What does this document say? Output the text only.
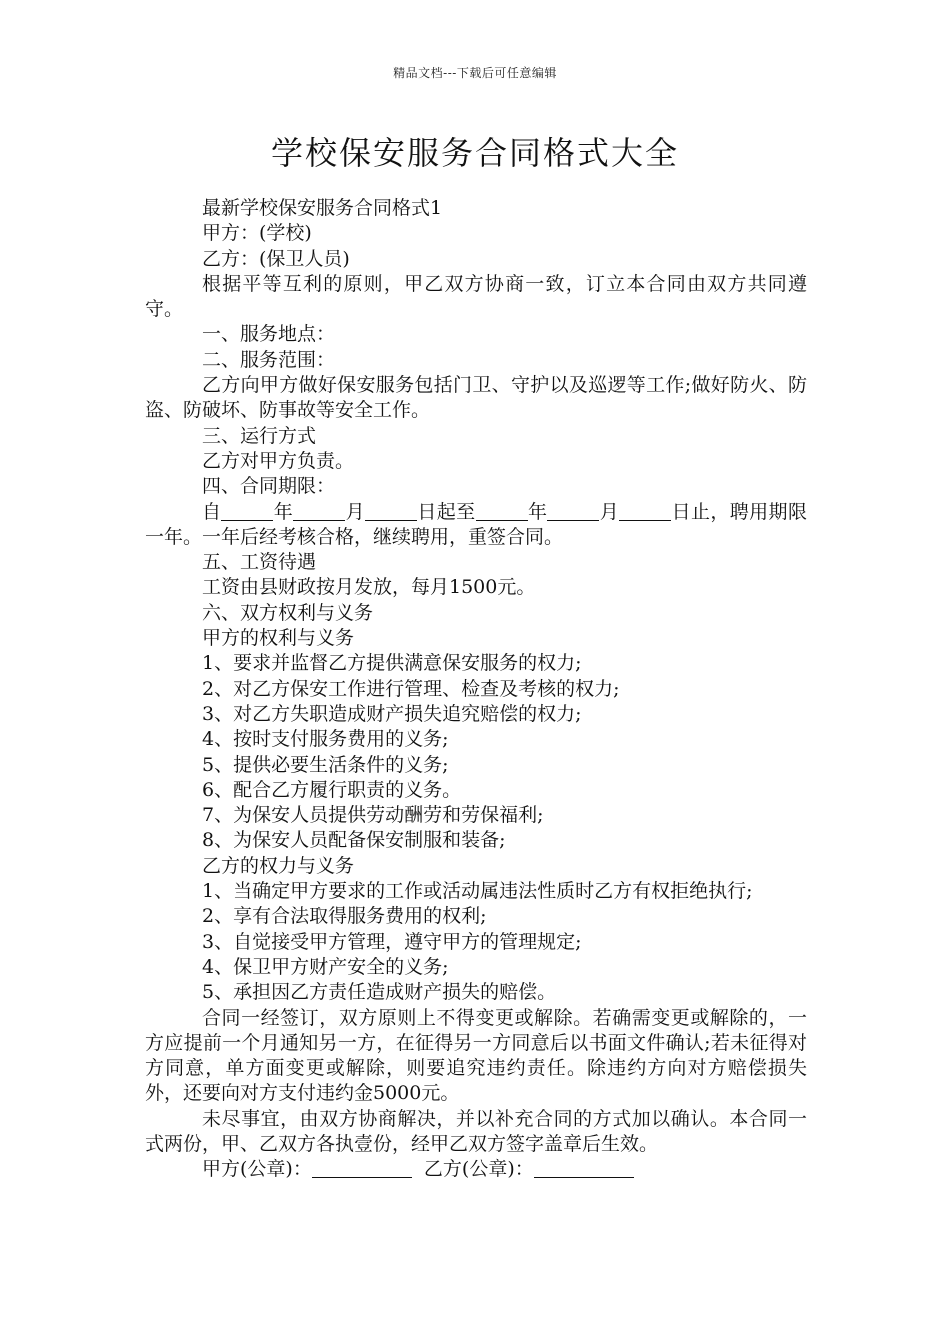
精品文档---下载后可任意编辑
学校保安服务合同格式大全

最新学校保安服务合同格式1

甲方：(学校)

乙方：(保卫人员)

根据平等互利的原则，甲乙双方协商一致，订立本合同由双方共同遵守。

一、服务地点：

二、服务范围：

乙方向甲方做好保安服务包括门卫、守护以及巡逻等工作;做好防火、防盗、防破坏、防事故等安全工作。

三、运行方式

乙方对甲方负责。

四、合同期限：

自	年	月	日起至	年	月	日止，聘用期限一年。一年后经考核合格，继续聘用，重签合同。

五、工资待遇

工资由县财政按月发放，每月1500元。

六、双方权利与义务

甲方的权利与义务

1、要求并监督乙方提供满意保安服务的权力;

2、对乙方保安工作进行管理、检查及考核的权力;

3、对乙方失职造成财产损失追究赔偿的权力;

4、按时支付服务费用的义务;

5、提供必要生活条件的义务;

6、配合乙方履行职责的义务。

7、为保安人员提供劳动酬劳和劳保福利;

8、为保安人员配备保安制服和装备;

乙方的权力与义务

1、当确定甲方要求的工作或活动属违法性质时乙方有权拒绝执行;

2、享有合法取得服务费用的权利;

3、自觉接受甲方管理，遵守甲方的管理规定;

4、保卫甲方财产安全的义务;

5、承担因乙方责任造成财产损失的赔偿。

合同一经签订，双方原则上不得变更或解除。若确需变更或解除的，一方应提前一个月通知另一方，在征得另一方同意后以书面文件确认;若未征得对方同意，单方面变更或解除，则要追究违约责任。除违约方向对方赔偿损失外，还要向对方支付违约金5000元。

未尽事宜，由双方协商解决，并以补充合同的方式加以确认。本合同一式两份，甲、乙双方各执壹份，经甲乙双方签字盖章后生效。

甲方(公章)：	乙方(公章)：
